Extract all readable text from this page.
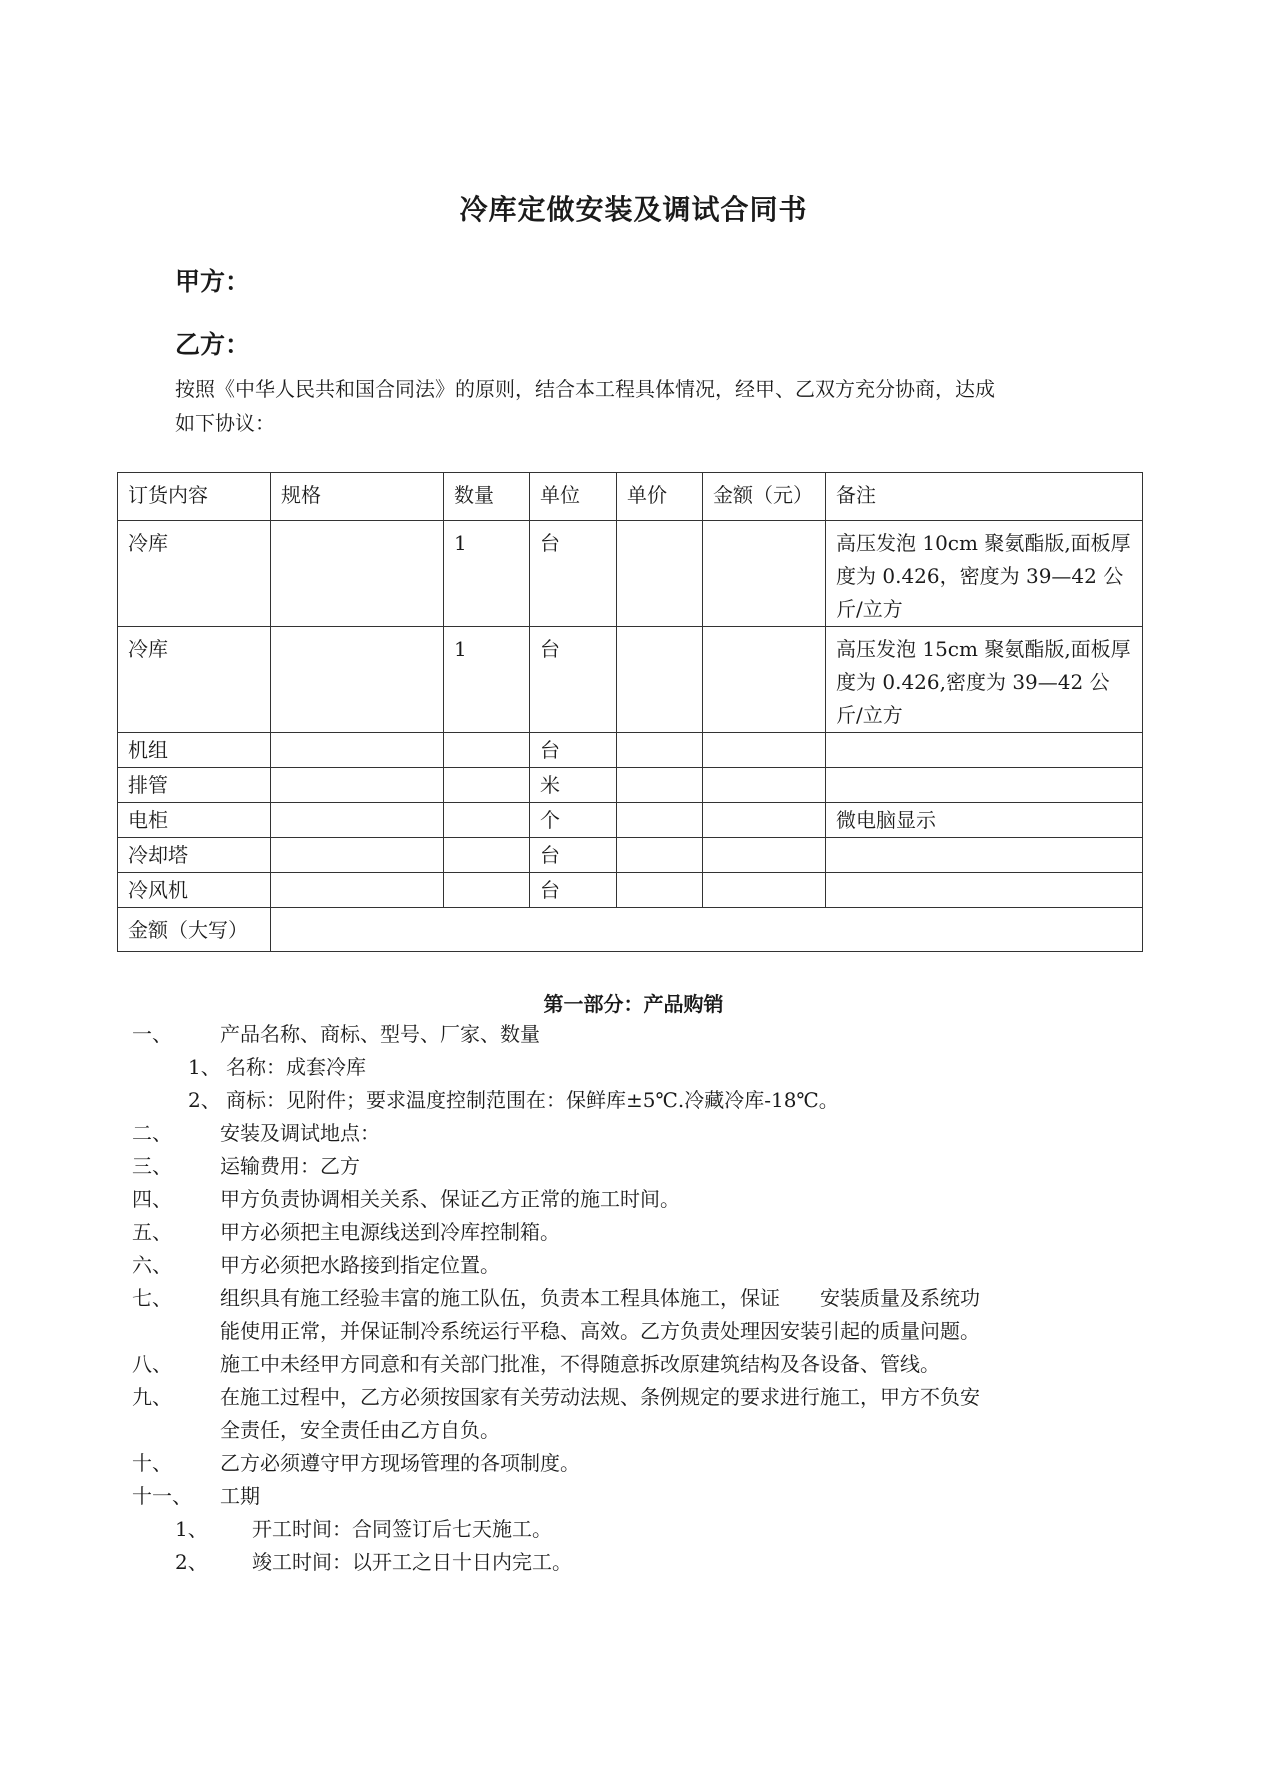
冷库定做安装及调试合同书
甲方：
乙方：
按照《中华人民共和国合同法》的原则，结合本工程具体情况，经甲、乙双方充分协商，达成
如下协议：
订货内容	规格	数量	单位	单价	金额（元）	备注
冷库		1	台			高压发泡 10cm 聚氨酯版,面板厚度为 0.426，密度为 39—42 公斤/立方
冷库		1	台			高压发泡 15cm 聚氨酯版,面板厚度为 0.426,密度为 39—42 公斤/立方
机组			台			
排管			米			
电柜			个			微电脑显示
冷却塔			台			
冷风机			台			
金额（大写）						
第一部分：产品购销
一、 产品名称、商标、型号、厂家、数量
1、 名称：成套冷库
2、 商标：见附件；要求温度控制范围在：保鲜库±5℃.冷藏冷库-18℃。
二、 安装及调试地点：
三、 运输费用：乙方
四、 甲方负责协调相关关系、保证乙方正常的施工时间。
五、 甲方必须把主电源线送到冷库控制箱。
六、 甲方必须把水路接到指定位置。
七、 组织具有施工经验丰富的施工队伍，负责本工程具体施工，保证　　安装质量及系统功
能使用正常，并保证制冷系统运行平稳、高效。乙方负责处理因安装引起的质量问题。
八、 施工中未经甲方同意和有关部门批准，不得随意拆改原建筑结构及各设备、管线。
九、 在施工过程中，乙方必须按国家有关劳动法规、条例规定的要求进行施工，甲方不负安
全责任，安全责任由乙方自负。
十、 乙方必须遵守甲方现场管理的各项制度。
十一、 工期
1、 开工时间：合同签订后七天施工。
2、 竣工时间：以开工之日十日内完工。
